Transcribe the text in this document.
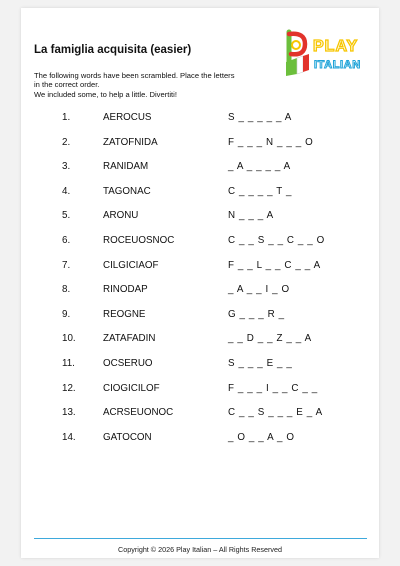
La famiglia acquisita (easier)
The following words have been scrambled. Place the letters
in the correct order.
We included some, to help a little. Divertiti!
PLAY
ITALIAN
1.	AEROCUS	S _ _ _ _ _ A
2.	ZATOFNIDA	F _ _ _ N _ _ _ O
3.	RANIDAM	_ A _ _ _ _ A
4.	TAGONAC	C _ _ _ _ T _
5.	ARONU	N _ _ _ A
6.	ROCEUOSNOC	C _ _ S _ _ C _ _ O
7.	CILGICIAOF	F _ _ L _ _ C _ _ A
8.	RINODAP	_ A _ _ I _ O
9.	REOGNE	G _ _ _ R _
10.	ZATAFADIN	_ _ D _ _ Z _ _ A
11.	OCSERUO	S _ _ _ E _ _
12.	CIOGICILOF	F _ _ _ I _ _ C _ _
13.	ACRSEUONOC	C _ _ S _ _ _ E _ A
14.	GATOCON	_ O _ _ A _ O
Copyright © 2026 Play Italian – All Rights Reserved
